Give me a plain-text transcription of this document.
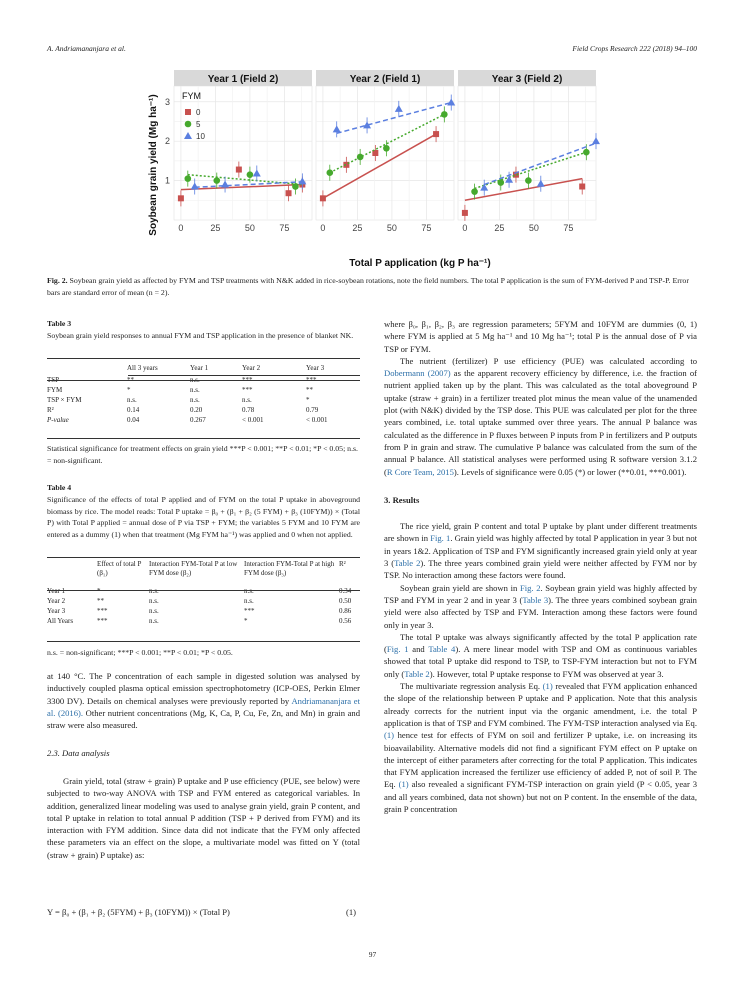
A. Andriamananjara et al.	Field Crops Research 222 (2018) 94–100
Year 1 (Field 2)
0	25	50	75
1
2
3
FYM
0
5
10
Year 2 (Field 1)
0	25	50	75
Year 3 (Field 2)
0	25	50	75
Soybean grain yield (Mg ha⁻¹)
Total P application (kg P ha⁻¹)
Fig. 2. Soybean grain yield as affected by FYM and TSP treatments with N&K added in rice-soybean rotations, note the field numbers. The total P application is the sum of FYM-derived P and TSP-P. Error bars are standard error of mean (n = 2).
Table 3
Soybean grain yield responses to annual FYM and TSP application in the presence of blanket NK.
	All 3 years	Year 1	Year 2	Year 3
TSP	**	n.s.	***	***
FYM	*	n.s.	***	**
TSP × FYM	n.s.	n.s.	n.s.	*
R²	0.14	0.20	0.78	0.79
P-value	0.04	0.267	< 0.001	< 0.001
Statistical significance for treatment effects on grain yield ***P < 0.001; **P < 0.01; *P < 0.05; n.s. = non-significant.
Table 4
Significance of the effects of total P applied and of FYM on the total P uptake in aboveground biomass by rice. The model reads: Total P uptake = β₀ + (β₁ + β₂ (5 FYM) + β₃ (10FYM)) × (Total P) with Total P applied = annual dose of P via TSP + FYM; the variables 5 FYM and 10 FYM are entered as a dummy (1) when that treatment (Mg FYM ha⁻¹) was applied and 0 when not applied.
	Effect of total P (β₁)	Interaction FYM-Total P at low FYM dose (β₂)	Interaction FYM-Total P at high FYM dose (β₃)	R²
Year 1	*	n.s.	n.s.	0.34
Year 2	**	n.s.	n.s.	0.50
Year 3	***	n.s.	***	0.86
All Years	***	n.s.	*	0.56
n.s. = non-significant; ***P < 0.001; **P < 0.01; *P < 0.05.
at 140 °C. The P concentration of each sample in digested solution was analysed by inductively coupled plasma optical emission spectrophotometry (ICP-OES, Perkin Elmer 3300 DV). Details on chemical analyses were previously reported by Andriamananjara et al. (2016). Other nutrient concentrations (Mg, K, Ca, P, Cu, Fe, Zn, and Mn) in grain and straw were also measured.
2.3. Data analysis
Grain yield, total (straw + grain) P uptake and P use efficiency (PUE, see below) were subjected to two-way ANOVA with TSP and FYM entered as categorical variables. In addition, generalized linear modeling was used to analyse grain yield, grain P content, and total P uptake in relation to total annual P addition (TSP + P derived from FYM) and its interaction with FYM addition. Since data did not indicate that the FYM only affected these parameters via an effect on the slope, a multivariate model was fitted on Y (total (straw + grain) P uptake) as:
Y = β₀ + (β₁ + β₂ (5FYM) + β₃ (10FYM)) × (Total P)	(1)
where β₀, β₁, β₂, β₃ are regression parameters; 5FYM and 10FYM are dummies (0, 1) where FYM is applied at 5 Mg ha⁻¹ and 10 Mg ha⁻¹; total P is the annual dose of P via TSP or FYM.
The nutrient (fertilizer) P use efficiency (PUE) was calculated according to Dobermann (2007) as the apparent recovery efficiency by difference, i.e. the fraction of nutrient applied taken up by the plant. This was calculated as the total aboveground P uptake (straw + grain) in a fertilizer treated plot minus the mean value of the unamended plot (with N&K) divided by the TSP dose. This PUE was calculated per plot for the three years combined, i.e. total uptake summed over three years. The annual P balance was calculated as the difference in P fluxes between P inputs from P in fertilizers and P outputs from P in grain and straw. The cumulative P balance was calculated from the sum of the annual P balance. All statistical analyses were performed using R software version 3.1.2 (R Core Team, 2015). Levels of significance were 0.05 (*) or lower (**0.01, ***0.001).
3. Results
The rice yield, grain P content and total P uptake by plant under different treatments are shown in Fig. 1. Grain yield was highly affected by total P application in year 3 but not in years 1&2. Application of TSP and FYM significantly increased grain yield only at year 3 (Table 2). The three years combined grain yield were neither affected by FYM nor by TSP. No interaction among these factors were found.
Soybean grain yield are shown in Fig. 2. Soybean grain yield was highly affected by TSP and FYM in year 2 and in year 3 (Table 3). The three years combined soybean grain yield were also affected by TSP and FYM. Interaction among these factors were found only in year 3.
The total P uptake was always significantly affected by the total P application rate (Fig. 1 and Table 4). A mere linear model with TSP and OM as continuous variables showed that total P uptake did respond to TSP, to TSP-FYM interaction but not to FYM only (Table 2). However, total P uptake response to FYM was observed at year 3.
The multivariate regression analysis Eq. (1) revealed that FYM application enhanced the slope of the relationship between P uptake and P application. Note that this analysis already corrects for the nutrient input via the organic amendment, i.e. the total P application is that of TSP and FYM combined. The FYM-TSP interaction analysed via Eq. (1) hence test for effects of FYM on soil and fertilizer P uptake, i.e. on increasing its bioavailability. Alternative models did not find a significant FYM effect on P uptake on the intercept of either parameters after correcting for the total P application. This indicates that FYM application increased the fertilizer use efficiency of added P, not of soil P. The Eq. (1) also revealed a significant FYM-TSP interaction on grain yield (P < 0.05, year 3 and all years combined, data not shown) but not on P content. In the ensemble of the data, grain P concentration
97
